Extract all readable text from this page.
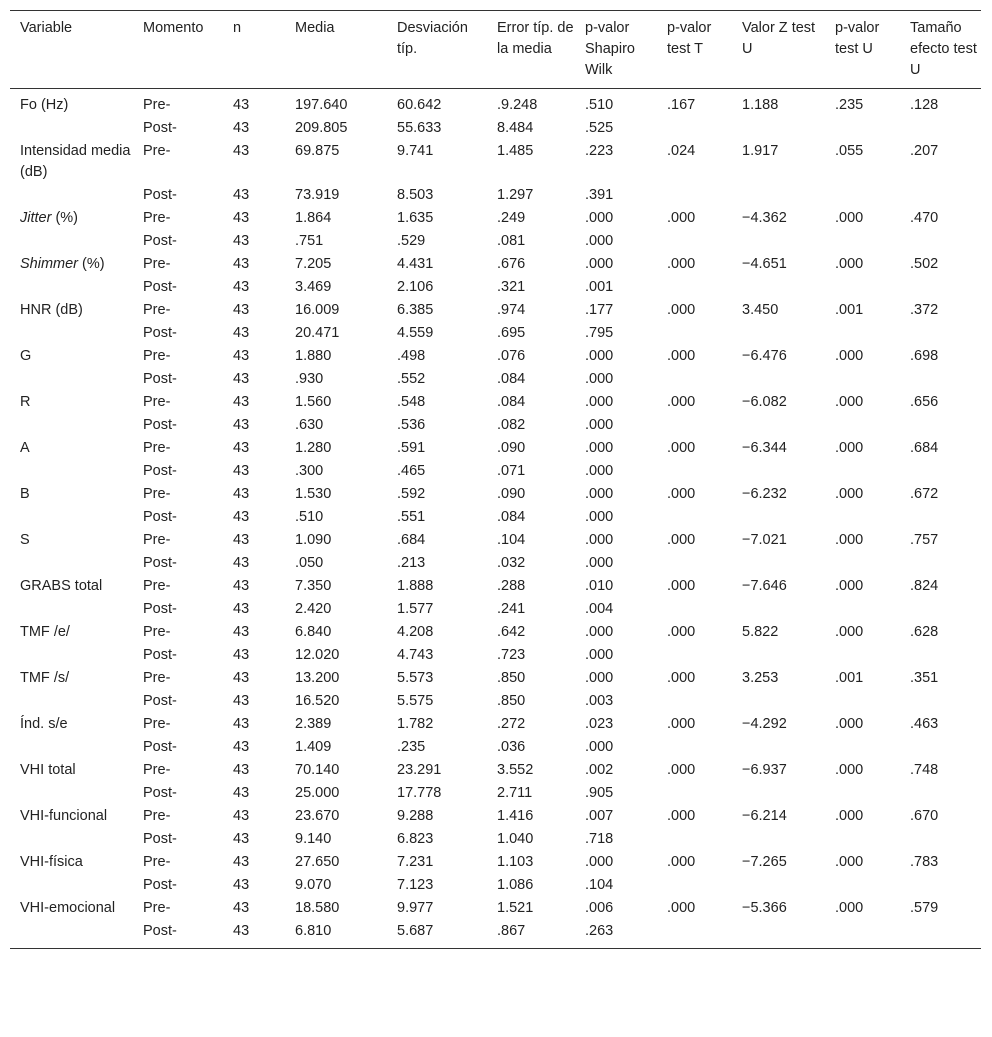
Variable	Momento	n	Media	Desviación típ.	Error típ. de la media	p-valor Shapiro Wilk	p-valor test T	Valor Z test U	p-valor test U	Tamaño efecto test U
Fo (Hz)	Pre-	43	197.640	60.642	.9.248	.510	.167	1.188	.235	.128
	Post-	43	209.805	55.633	8.484	.525				
Intensidad media (dB)	Pre-	43	69.875	9.741	1.485	.223	.024	1.917	.055	.207
	Post-	43	73.919	8.503	1.297	.391				
Jitter (%)	Pre-	43	1.864	1.635	.249	.000	.000	−4.362	.000	.470
	Post-	43	.751	.529	.081	.000				
Shimmer (%)	Pre-	43	7.205	4.431	.676	.000	.000	−4.651	.000	.502
	Post-	43	3.469	2.106	.321	.001				
HNR (dB)	Pre-	43	16.009	6.385	.974	.177	.000	3.450	.001	.372
	Post-	43	20.471	4.559	.695	.795				
G	Pre-	43	1.880	.498	.076	.000	.000	−6.476	.000	.698
	Post-	43	.930	.552	.084	.000				
R	Pre-	43	1.560	.548	.084	.000	.000	−6.082	.000	.656
	Post-	43	.630	.536	.082	.000				
A	Pre-	43	1.280	.591	.090	.000	.000	−6.344	.000	.684
	Post-	43	.300	.465	.071	.000				
B	Pre-	43	1.530	.592	.090	.000	.000	−6.232	.000	.672
	Post-	43	.510	.551	.084	.000				
S	Pre-	43	1.090	.684	.104	.000	.000	−7.021	.000	.757
	Post-	43	.050	.213	.032	.000				
GRABS total	Pre-	43	7.350	1.888	.288	.010	.000	−7.646	.000	.824
	Post-	43	2.420	1.577	.241	.004				
TMF /e/	Pre-	43	6.840	4.208	.642	.000	.000	5.822	.000	.628
	Post-	43	12.020	4.743	.723	.000				
TMF /s/	Pre-	43	13.200	5.573	.850	.000	.000	3.253	.001	.351
	Post-	43	16.520	5.575	.850	.003				
Índ. s/e	Pre-	43	2.389	1.782	.272	.023	.000	−4.292	.000	.463
	Post-	43	1.409	.235	.036	.000				
VHI total	Pre-	43	70.140	23.291	3.552	.002	.000	−6.937	.000	.748
	Post-	43	25.000	17.778	2.711	.905				
VHI-funcional	Pre-	43	23.670	9.288	1.416	.007	.000	−6.214	.000	.670
	Post-	43	9.140	6.823	1.040	.718				
VHI-física	Pre-	43	27.650	7.231	1.103	.000	.000	−7.265	.000	.783
	Post-	43	9.070	7.123	1.086	.104				
VHI-emocional	Pre-	43	18.580	9.977	1.521	.006	.000	−5.366	.000	.579
	Post-	43	6.810	5.687	.867	.263				
